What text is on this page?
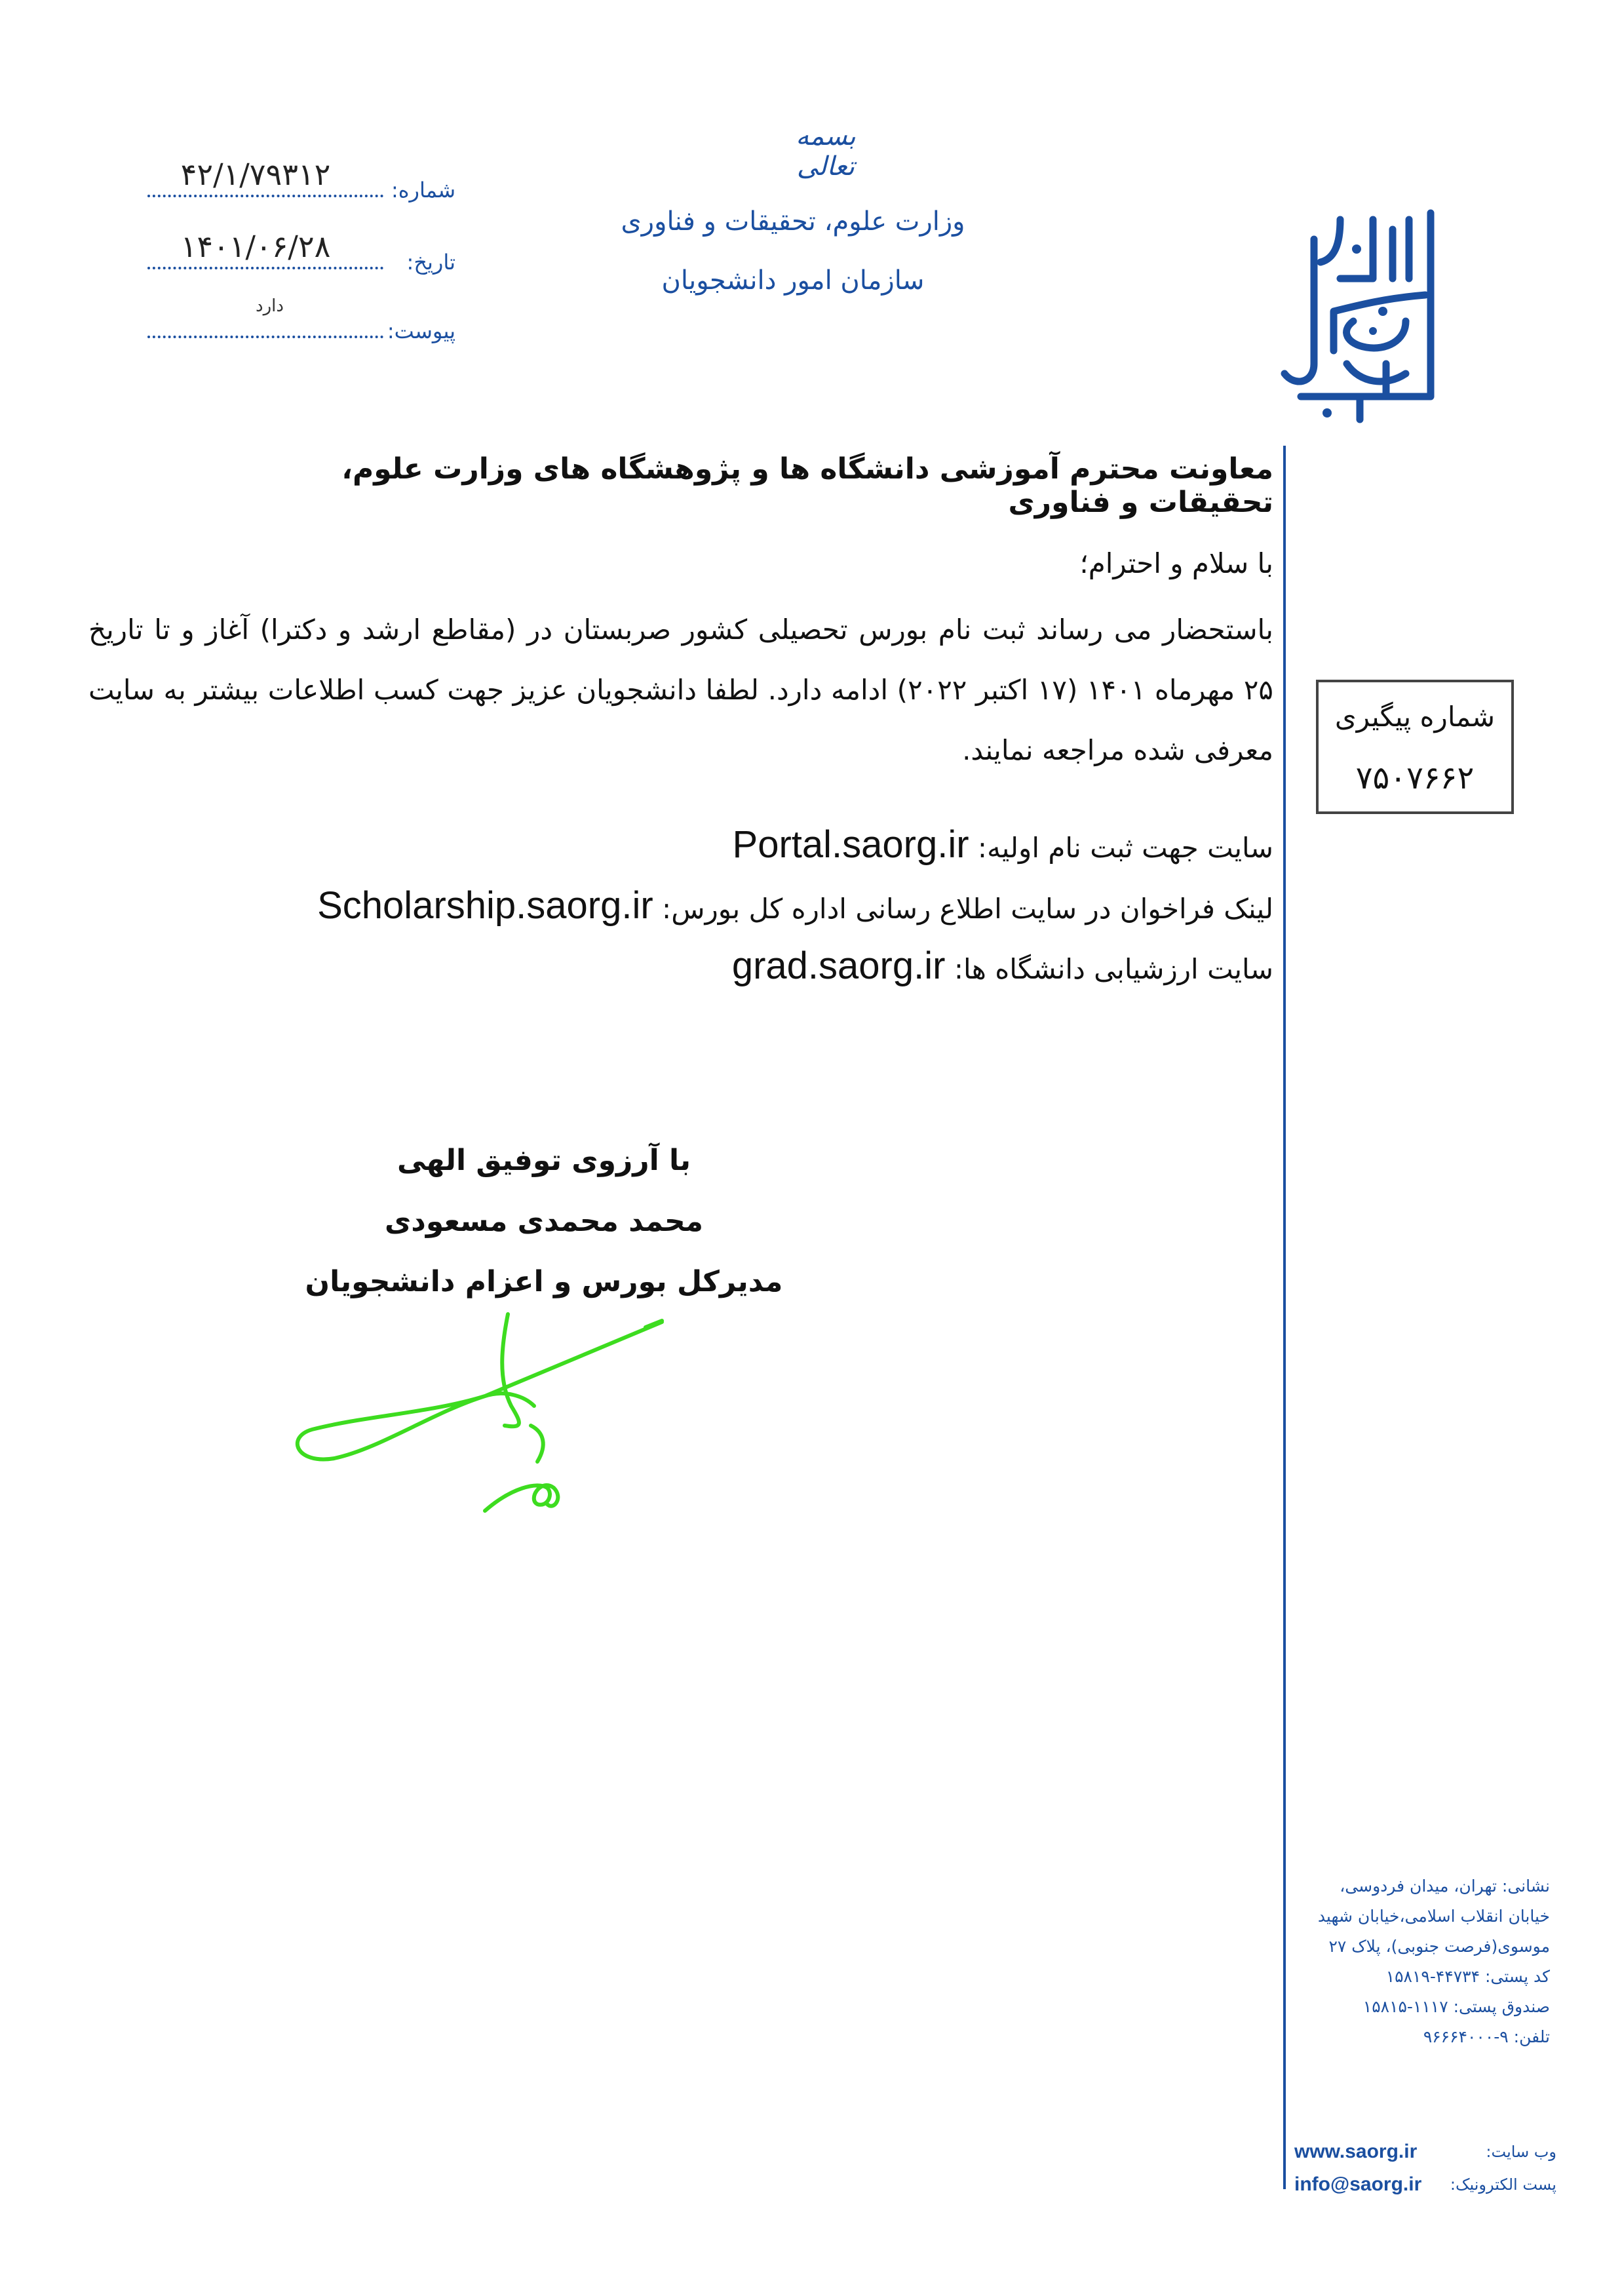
بسمه تعالی
وزارت علوم، تحقیقات و فناوری
سازمان امور دانشجویان
شماره:
۴۲/۱/۷۹۳۱۲
تاریخ:
۱۴۰۱/۰۶/۲۸
پیوست:
دارد
شماره پیگیری
۷۵۰۷۶۶۲
معاونت محترم آموزشی دانشگاه ها و پژوهشگاه های وزارت علوم، تحقیقات و فناوری
با سلام و احترام؛
باستحضار می رساند ثبت نام بورس تحصیلی کشور صربستان در (مقاطع ارشد و دکترا) آغاز و تا تاریخ ۲۵ مهرماه ۱۴۰۱ (۱۷ اکتبر ۲۰۲۲) ادامه دارد. لطفا دانشجویان عزیز جهت کسب اطلاعات بیشتر به سایت معرفی شده مراجعه نمایند.
سایت جهت ثبت نام اولیه: Portal.saorg.ir
لینک فراخوان در سایت اطلاع رسانی اداره کل بورس: Scholarship.saorg.ir
سایت ارزشیابی دانشگاه ها: grad.saorg.ir
با آرزوی توفیق الهی
محمد محمدی مسعودی
مدیرکل بورس و اعزام دانشجویان
نشانی: تهران، میدان فردوسی،
خیابان انقلاب اسلامی،خیابان شهید
موسوی(فرصت جنوبی)، پلاک ۲۷
کد پستی: ۴۴۷۳۴-۱۵۸۱۹
صندوق پستی: ۱۱۱۷-۱۵۸۱۵
تلفن: ۹-۹۶۶۶۴۰۰۰
www.saorg.ir	وب سایت:
info@saorg.ir پست الکترونیک:
